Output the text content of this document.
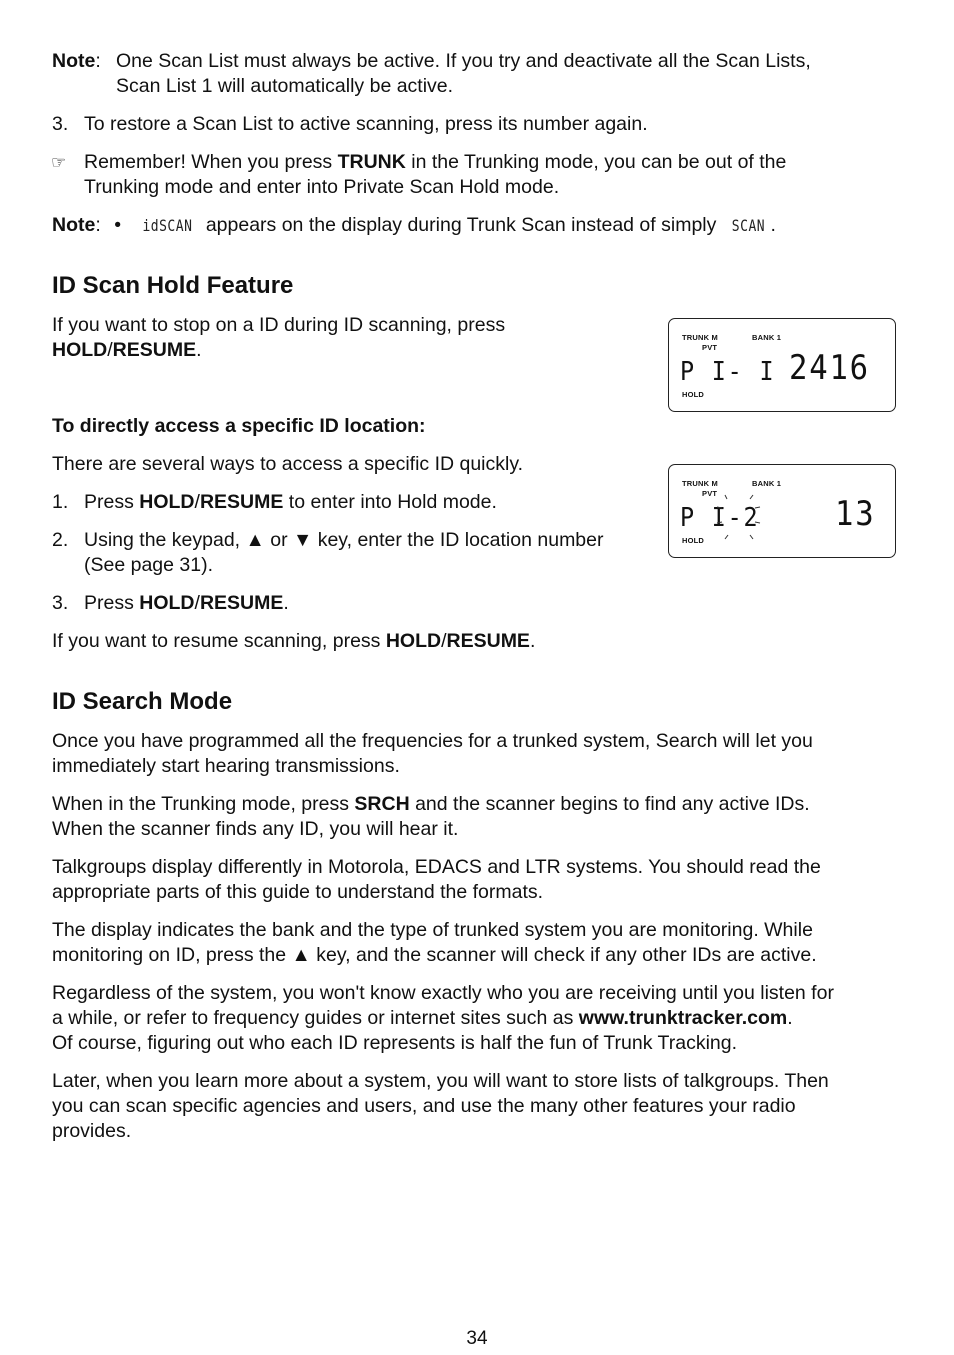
Note: One Scan List must always be active. If you try and deactivate all the Scan Lists,
Scan List 1 will automatically be active.
3. To restore a Scan List to active scanning, press its number again.
☞ Remember! When you press TRUNK in the Trunking mode, you can be out of the
Trunking mode and enter into Private Scan Hold mode.
Note: • idSCAN appears on the display during Trunk Scan instead of simply SCAN .
ID Scan Hold Feature
If you want to stop on a ID during ID scanning, press
HOLD/RESUME.
To directly access a specific ID location:
There are several ways to access a specific ID quickly.
1. Press HOLD/RESUME to enter into Hold mode.
2. Using the keypad, ▲ or ▼ key, enter the ID location number
(See page 31).
3. Press HOLD/RESUME.
If you want to resume scanning, press HOLD/RESUME.
TRUNK M	BANK 1
PVT
P I- I 2416
HOLD
TRUNK M	BANK 1
PVT
P I-2 13
HOLD
ID Search Mode
Once you have programmed all the frequencies for a trunked system, Search will let you
immediately start hearing transmissions.
When in the Trunking mode, press SRCH and the scanner begins to find any active IDs.
When the scanner finds any ID, you will hear it.
Talkgroups display differently in Motorola, EDACS and LTR systems. You should read the
appropriate parts of this guide to understand the formats.
The display indicates the bank and the type of trunked system you are monitoring. While
monitoring on ID, press the ▲ key, and the scanner will check if any other IDs are active.
Regardless of the system, you won't know exactly who you are receiving until you listen for
a while, or refer to frequency guides or internet sites such as www.trunktracker.com.
Of course, figuring out who each ID represents is half the fun of Trunk Tracking.
Later, when you learn more about a system, you will want to store lists of talkgroups. Then
you can scan specific agencies and users, and use the many other features your radio
provides.
34
